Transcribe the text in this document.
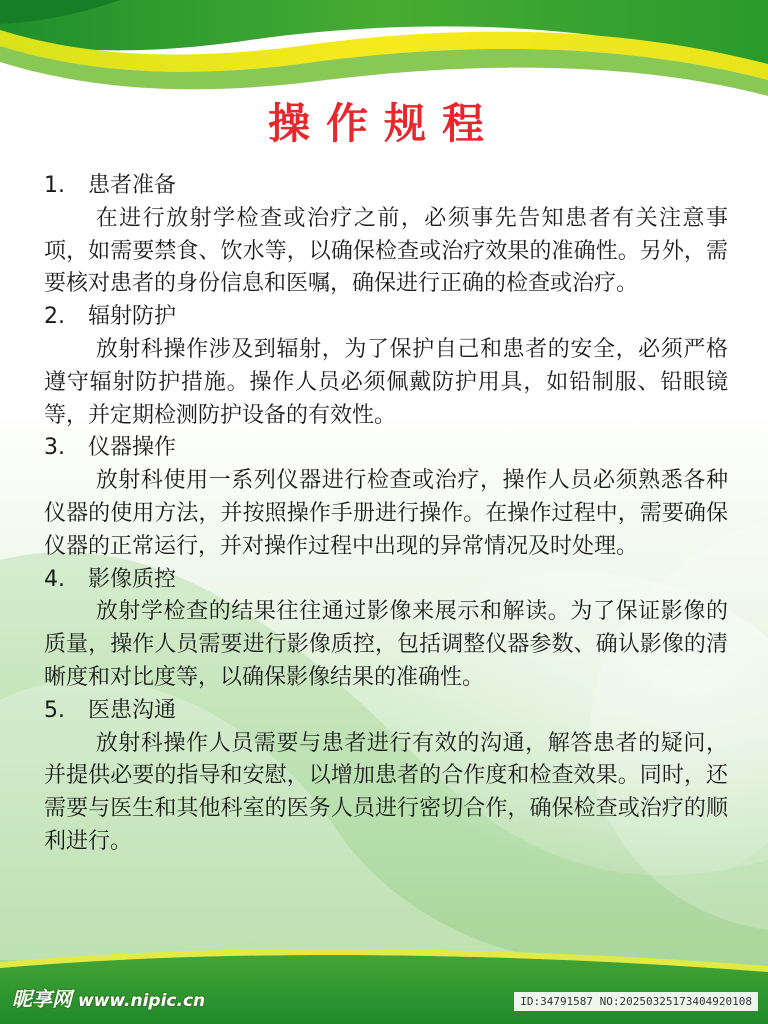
操作规程
1.	患者准备

在进行放射学检查或治疗之前，必须事先告知患者有关注意事项，如需要禁食、饮水等，以确保检查或治疗效果的准确性。另外，需要核对患者的身份信息和医嘱，确保进行正确的检查或治疗。

2.	辐射防护

放射科操作涉及到辐射，为了保护自己和患者的安全，必须严格遵守辐射防护措施。操作人员必须佩戴防护用具，如铅制服、铅眼镜等，并定期检测防护设备的有效性。

3.	仪器操作

放射科使用一系列仪器进行检查或治疗，操作人员必须熟悉各种仪器的使用方法，并按照操作手册进行操作。在操作过程中，需要确保仪器的正常运行，并对操作过程中出现的异常情况及时处理。

4.	影像质控

放射学检查的结果往往通过影像来展示和解读。为了保证影像的质量，操作人员需要进行影像质控，包括调整仪器参数、确认影像的清晰度和对比度等，以确保影像结果的准确性。

5.	医患沟通

放射科操作人员需要与患者进行有效的沟通，解答患者的疑问，并提供必要的指导和安慰，以增加患者的合作度和检查效果。同时，还需要与医生和其他科室的医务人员进行密切合作，确保检查或治疗的顺利进行。

昵享网 www.nipic.cn	ID:34791587 NO:20250325173404920108
